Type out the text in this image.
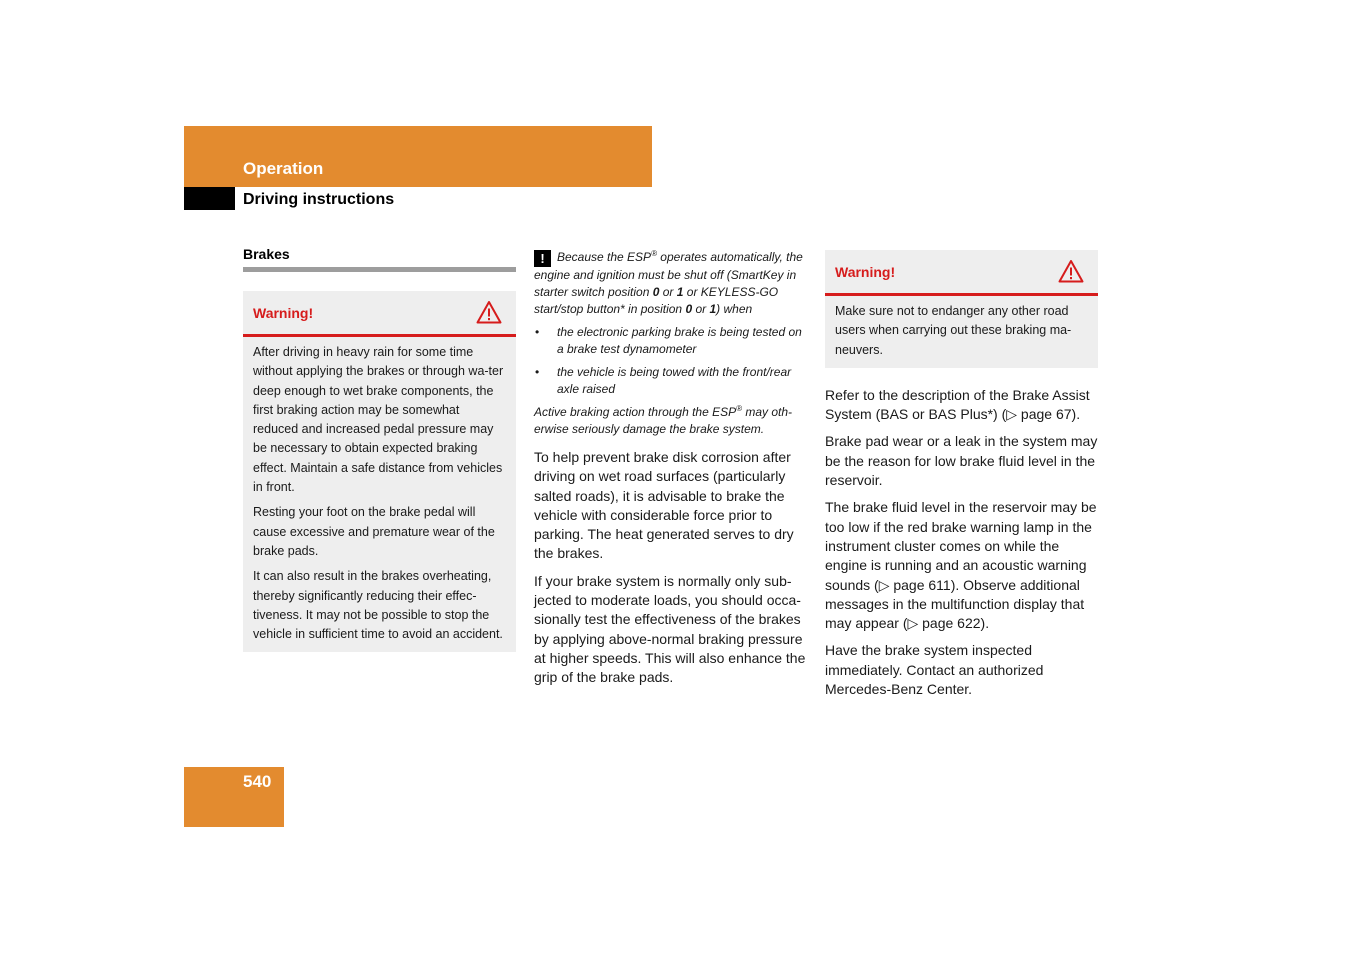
Operation
Driving instructions
Brakes
Warning!

After driving in heavy rain for some time without applying the brakes or through wa-ter deep enough to wet brake components, the first braking action may be somewhat reduced and increased pedal pressure may be necessary to obtain expected braking effect. Maintain a safe distance from vehicles in front.

Resting your foot on the brake pedal will cause excessive and premature wear of the brake pads.

It can also result in the brakes overheating, thereby significantly reducing their effec-tiveness. It may not be possible to stop the vehicle in sufficient time to avoid an accident.

! Because the ESP® operates automatically, the engine and ignition must be shut off (SmartKey in starter switch position 0 or 1 or KEYLESS-GO start/stop button* in position 0 or 1) when

• the electronic parking brake is being tested on a brake test dynamometer
• the vehicle is being towed with the front/rear axle raised

Active braking action through the ESP® may oth-erwise seriously damage the brake system.

To help prevent brake disk corrosion after driving on wet road surfaces (particularly salted roads), it is advisable to brake the vehicle with considerable force prior to parking. The heat generated serves to dry the brakes.

If your brake system is normally only sub-jected to moderate loads, you should occa-sionally test the effectiveness of the brakes by applying above-normal braking pressure at higher speeds. This will also enhance the grip of the brake pads.

Warning!

Make sure not to endanger any other road users when carrying out these braking ma-neuvers.

Refer to the description of the Brake Assist System (BAS or BAS Plus*) (▷ page 67).

Brake pad wear or a leak in the system may be the reason for low brake fluid level in the reservoir.

The brake fluid level in the reservoir may be too low if the red brake warning lamp in the instrument cluster comes on while the engine is running and an acoustic warning sounds (▷ page 611). Observe additional messages in the multifunction display that may appear (▷ page 622).

Have the brake system inspected immediately. Contact an authorized Mercedes-Benz Center.

540
